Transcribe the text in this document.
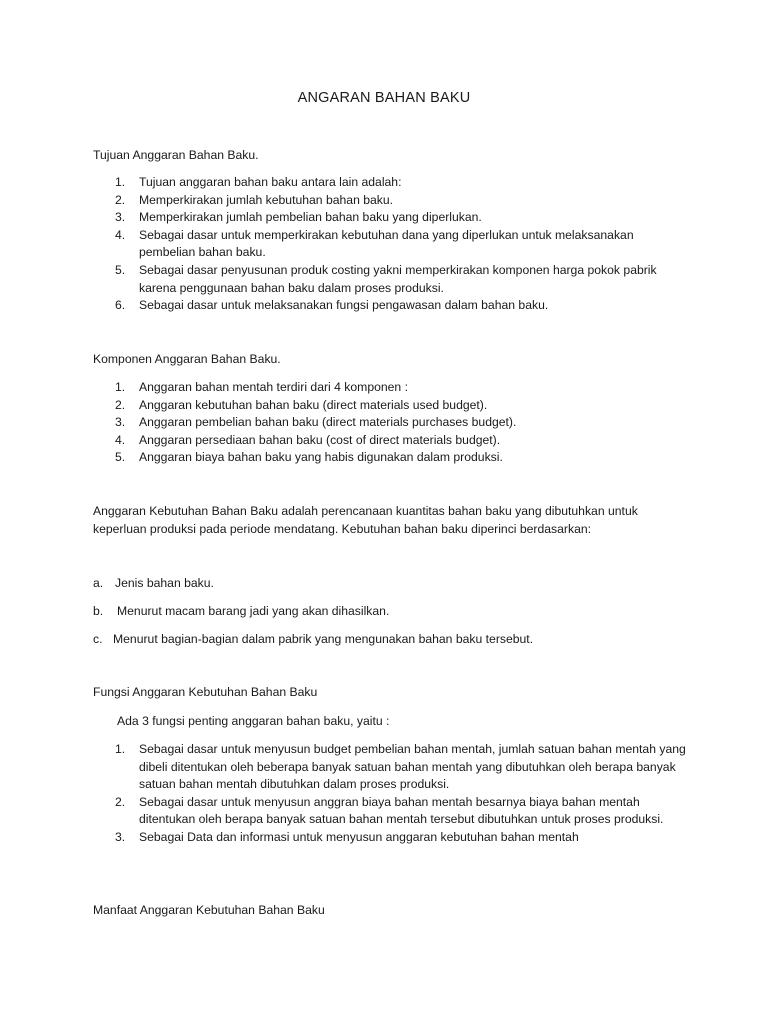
ANGARAN BAHAN BAKU
Tujuan Anggaran Bahan Baku.
1. Tujuan anggaran bahan baku antara lain adalah:
2. Memperkirakan jumlah kebutuhan bahan baku.
3. Memperkirakan jumlah pembelian bahan baku yang diperlukan.
4. Sebagai dasar untuk memperkirakan kebutuhan dana yang diperlukan untuk melaksanakan pembelian bahan baku.
5. Sebagai dasar penyusunan produk costing yakni memperkirakan komponen harga pokok pabrik karena penggunaan bahan baku dalam proses produksi.
6. Sebagai dasar untuk melaksanakan fungsi pengawasan dalam bahan baku.
Komponen Anggaran Bahan Baku.
1. Anggaran bahan mentah terdiri dari 4 komponen :
2. Anggaran kebutuhan bahan baku (direct materials used budget).
3. Anggaran pembelian bahan baku (direct materials purchases budget).
4. Anggaran persediaan bahan baku (cost of direct materials budget).
5. Anggaran biaya bahan baku yang habis digunakan dalam produksi.
Anggaran Kebutuhan Bahan Baku adalah perencanaan kuantitas bahan baku yang dibutuhkan untuk keperluan produksi pada periode mendatang. Kebutuhan bahan baku diperinci berdasarkan:
a. Jenis bahan baku.
b. Menurut macam barang jadi yang akan dihasilkan.
c. Menurut bagian-bagian dalam pabrik yang mengunakan bahan baku tersebut.
Fungsi Anggaran Kebutuhan Bahan Baku
Ada 3 fungsi penting anggaran bahan baku, yaitu :
1. Sebagai dasar untuk menyusun budget pembelian bahan mentah, jumlah satuan bahan mentah yang dibeli ditentukan oleh beberapa banyak satuan bahan mentah yang dibutuhkan oleh berapa banyak satuan bahan mentah dibutuhkan dalam proses produksi.
2. Sebagai dasar untuk menyusun anggran biaya bahan mentah besarnya biaya bahan mentah ditentukan oleh berapa banyak satuan bahan mentah tersebut dibutuhkan untuk proses produksi.
3. Sebagai Data dan informasi untuk menyusun anggaran kebutuhan bahan mentah
Manfaat Anggaran Kebutuhan Bahan Baku
